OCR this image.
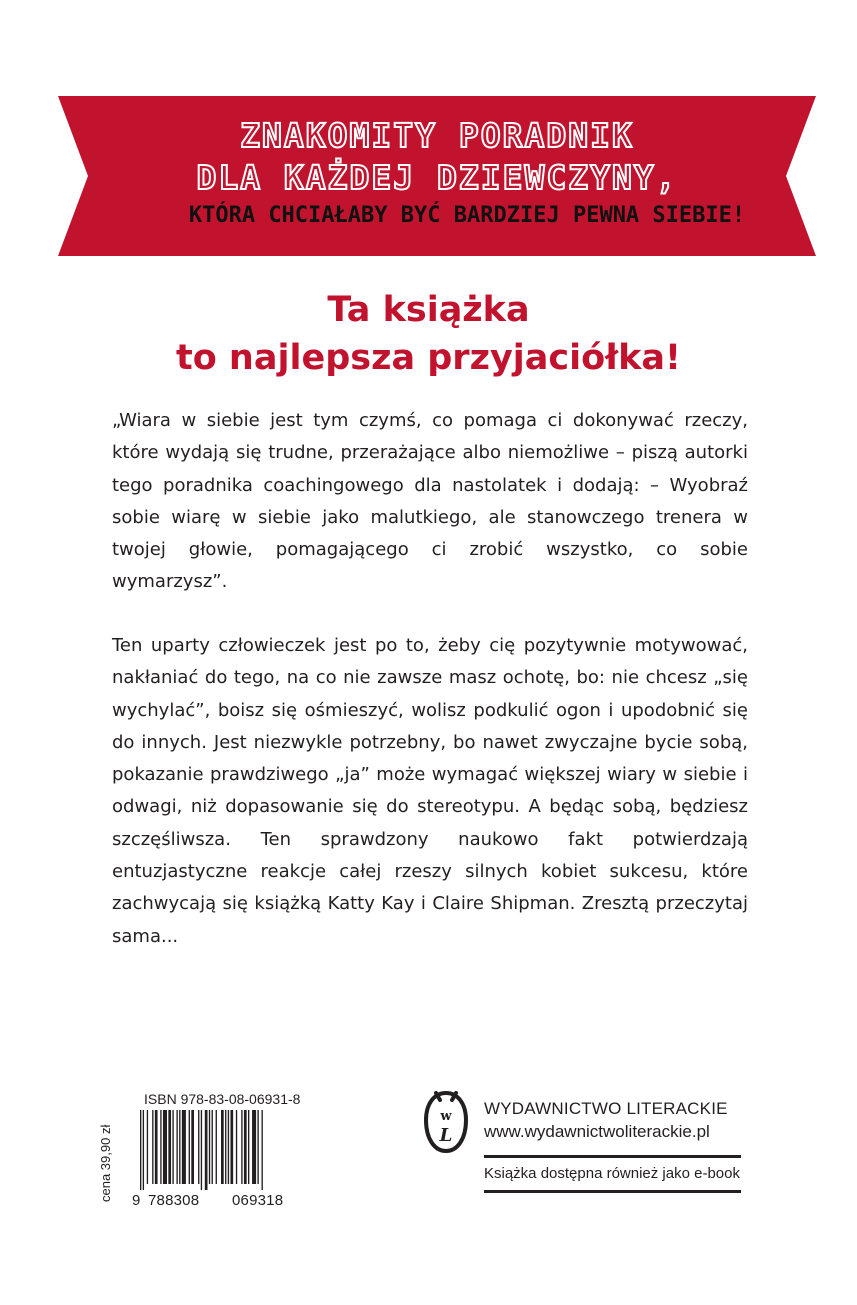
ZNAKOMITY PORADNIK
DLA KAŻDEJ DZIEWCZYNY,
KTÓRA CHCIAŁABY BYĆ BARDZIEJ PEWNA SIEBIE!
Ta książka
to najlepsza przyjaciółka!

„Wiara w siebie jest tym czymś, co pomaga ci dokonywać rzeczy, które wydają się trudne, przerażające albo niemożliwe – piszą autorki tego poradnika coachingowego dla nastolatek i dodają: – Wyobraź sobie wiarę w siebie jako malutkiego, ale stanowczego trenera w twojej głowie, pomagającego ci zrobić wszystko, co sobie wymarzysz”.

Ten uparty człowieczek jest po to, żeby cię pozytywnie motywować, nakłaniać do tego, na co nie zawsze masz ochotę, bo: nie chcesz „się wychylać”, boisz się ośmieszyć, wolisz podkulić ogon i upodobnić się do innych. Jest niezwykle potrzebny, bo nawet zwyczajne bycie sobą, pokazanie prawdziwego „ja” może wymagać większej wiary w siebie i odwagi, niż dopasowanie się do stereotypu. A będąc sobą, będziesz szczęśliwsza. Ten sprawdzony naukowo fakt potwierdzają entuzjastyczne reakcje całej rzeszy silnych kobiet sukcesu, które zachwycają się książką Katty Kay i Claire Shipman. Zresztą przeczytaj sama...

cena 39,90 zł
ISBN 978-83-08-06931-8
9 788308 069318
w
L
WYDAWNICTWO LITERACKIE
www.wydawnictwoliterackie.pl
Książka dostępna również jako e-book
